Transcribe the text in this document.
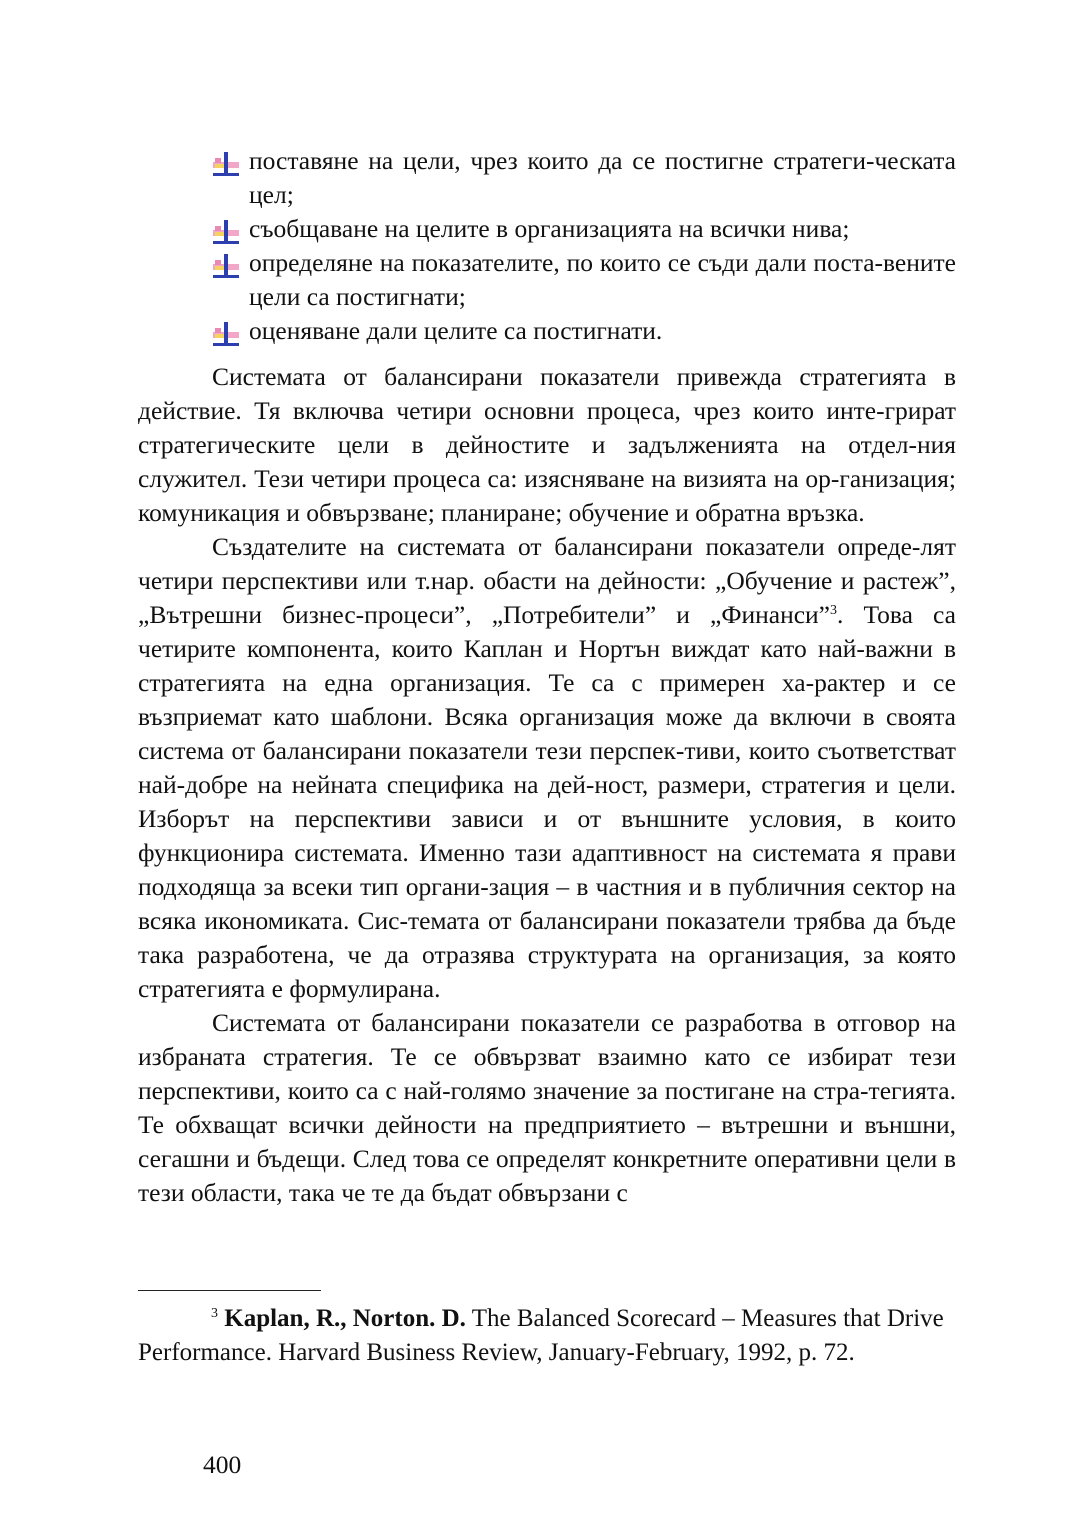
поставяне на цели, чрез които да се постигне стратеги-ческата цел;
съобщаване на целите в организацията на всички нива;
определяне на показателите, по които се съди дали поста-вените цели са постигнати;
оценяване дали целите са постигнати.

Системата от балансирани показатели привежда стратегията в действие. Тя включва четири основни процеса, чрез които инте-грират стратегическите цели в дейностите и задълженията на отдел-ния служител. Тези четири процеса са: изясняване на визията на ор-ганизация; комуникация и обвързване; планиране; обучение и обратна връзка.

Създателите на системата от балансирани показатели опреде-лят четири перспективи или т.нар. обасти на дейности: „Обучение и растеж”, „Вътрешни бизнес-процеси”, „Потребители” и „Финанси”$^3$. Това са четирите компонента, които Каплан и Нортън виждат като най-важни в стратегията на една организация. Те са с примерен ха-рактер и се възприемат като шаблони. Всяка организация може да включи в своята система от балансирани показатели тези перспек-тиви, които съответстват най-добре на нейната специфика на дей-ност, размери, стратегия и цели. Изборът на перспективи зависи и от външните условия, в които функционира системата. Именно тази адаптивност на системата я прави подходяща за всеки тип органи-зация – в частния и в публичния сектор на всяка икономиката. Сис-темата от балансирани показатели трябва да бъде така разработена, че да отразява структурата на организация, за която стратегията е формулирана.

Системата от балансирани показатели се разработва в отговор на избраната стратегия. Те се обвързват взаимно като се избират тези перспективи, които са с най-голямо значение за постигане на стра-тегията. Те обхващат всички дейности на предприятието – вътрешни и външни, сегашни и бъдещи. След това се определят конкретните оперативни цели в тези области, така че те да бъдат обвързани с

$^3$ Kaplan, R., Norton. D. The Balanced Scorecard – Measures that Drive Performance. Harvard Business Review, January-February, 1992, p. 72.

400
